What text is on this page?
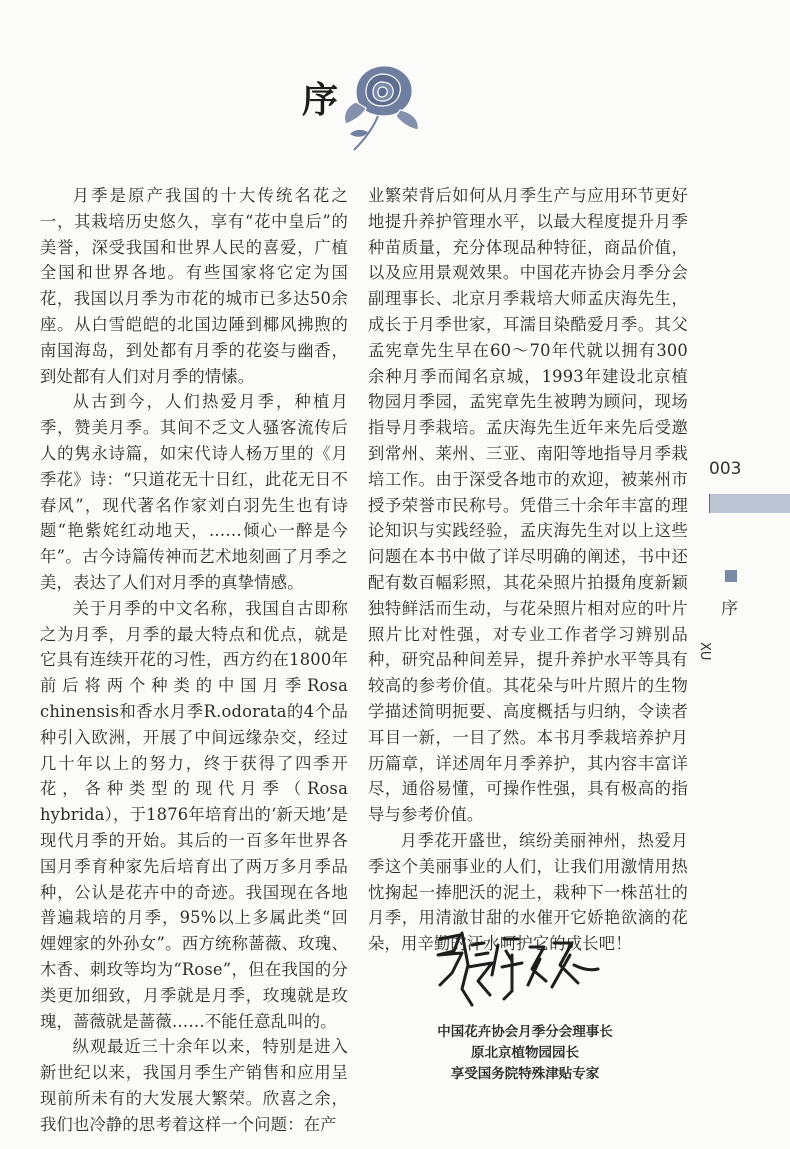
序

月季是原产我国的十大传统名花之一，其栽培历史悠久，享有“花中皇后”的美誉，深受我国和世界人民的喜爱，广植全国和世界各地。有些国家将它定为国花，我国以月季为市花的城市已多达50余座。从白雪皑皑的北国边陲到椰风拂煦的南国海岛，到处都有月季的花姿与幽香，到处都有人们对月季的情愫。

从古到今，人们热爱月季，种植月季，赞美月季。其间不乏文人骚客流传后人的隽永诗篇，如宋代诗人杨万里的《月季花》诗：“只道花无十日红，此花无日不春风”，现代著名作家刘白羽先生也有诗题“艳紫姹红动地天，……倾心一醉是今年”。古今诗篇传神而艺术地刻画了月季之美，表达了人们对月季的真挚情感。

关于月季的中文名称，我国自古即称之为月季，月季的最大特点和优点，就是它具有连续开花的习性，西方约在1800年前后将两个种类的中国月季Rosa chinensis和香水月季R.odorata的4个品种引入欧洲，开展了中间远缘杂交，经过几十年以上的努力，终于获得了四季开花，各种类型的现代月季（Rosa hybrida），于1876年培育出的‘新天地’是现代月季的开始。其后的一百多年世界各国月季育种家先后培育出了两万多月季品种，公认是花卉中的奇迹。我国现在各地普遍栽培的月季，95%以上多属此类“回娌娌家的外孙女”。西方统称蔷薇、玫瑰、木香、刺玫等均为“Rose”，但在我国的分类更加细致，月季就是月季，玫瑰就是玫瑰，蔷薇就是蔷薇……不能任意乱叫的。

纵观最近三十余年以来，特别是进入新世纪以来，我国月季生产销售和应用呈现前所未有的大发展大繁荣。欣喜之余，我们也冷静的思考着这样一个问题：在产

业繁荣背后如何从月季生产与应用环节更好地提升养护管理水平，以最大程度提升月季种苗质量，充分体现品种特征，商品价值，以及应用景观效果。中国花卉协会月季分会副理事长、北京月季栽培大师孟庆海先生，成长于月季世家，耳濡目染酷爱月季。其父孟宪章先生早在60～70年代就以拥有300余种月季而闻名京城，1993年建设北京植物园月季园，孟宪章先生被聘为顾问，现场指导月季栽培。孟庆海先生近年来先后受邀到常州、莱州、三亚、南阳等地指导月季栽培工作。由于深受各地市的欢迎，被莱州市授予荣誉市民称号。凭借三十余年丰富的理论知识与实践经验，孟庆海先生对以上这些问题在本书中做了详尽明确的阐述，书中还配有数百幅彩照，其花朵照片拍摄角度新颖独特鲜活而生动，与花朵照片相对应的叶片照片比对性强，对专业工作者学习辨别品种，研究品种间差异，提升养护水平等具有较高的参考价值。其花朵与叶片照片的生物学描述简明扼要、高度概括与归纳，令读者耳目一新，一目了然。本书月季栽培养护月历篇章，详述周年月季养护，其内容丰富详尽，通俗易懂，可操作性强，具有极高的指导与参考价值。

月季花开盛世，缤纷美丽神州，热爱月季这个美丽事业的人们，让我们用激情用热忱掬起一捧肥沃的泥土，栽种下一株茁壮的月季，用清澈甘甜的水催开它娇艳欲滴的花朵，用辛勤的汗水呵护它的成长吧！

003
序
XU
中国花卉协会月季分会理事长
原北京植物园园长
享受国务院特殊津贴专家
